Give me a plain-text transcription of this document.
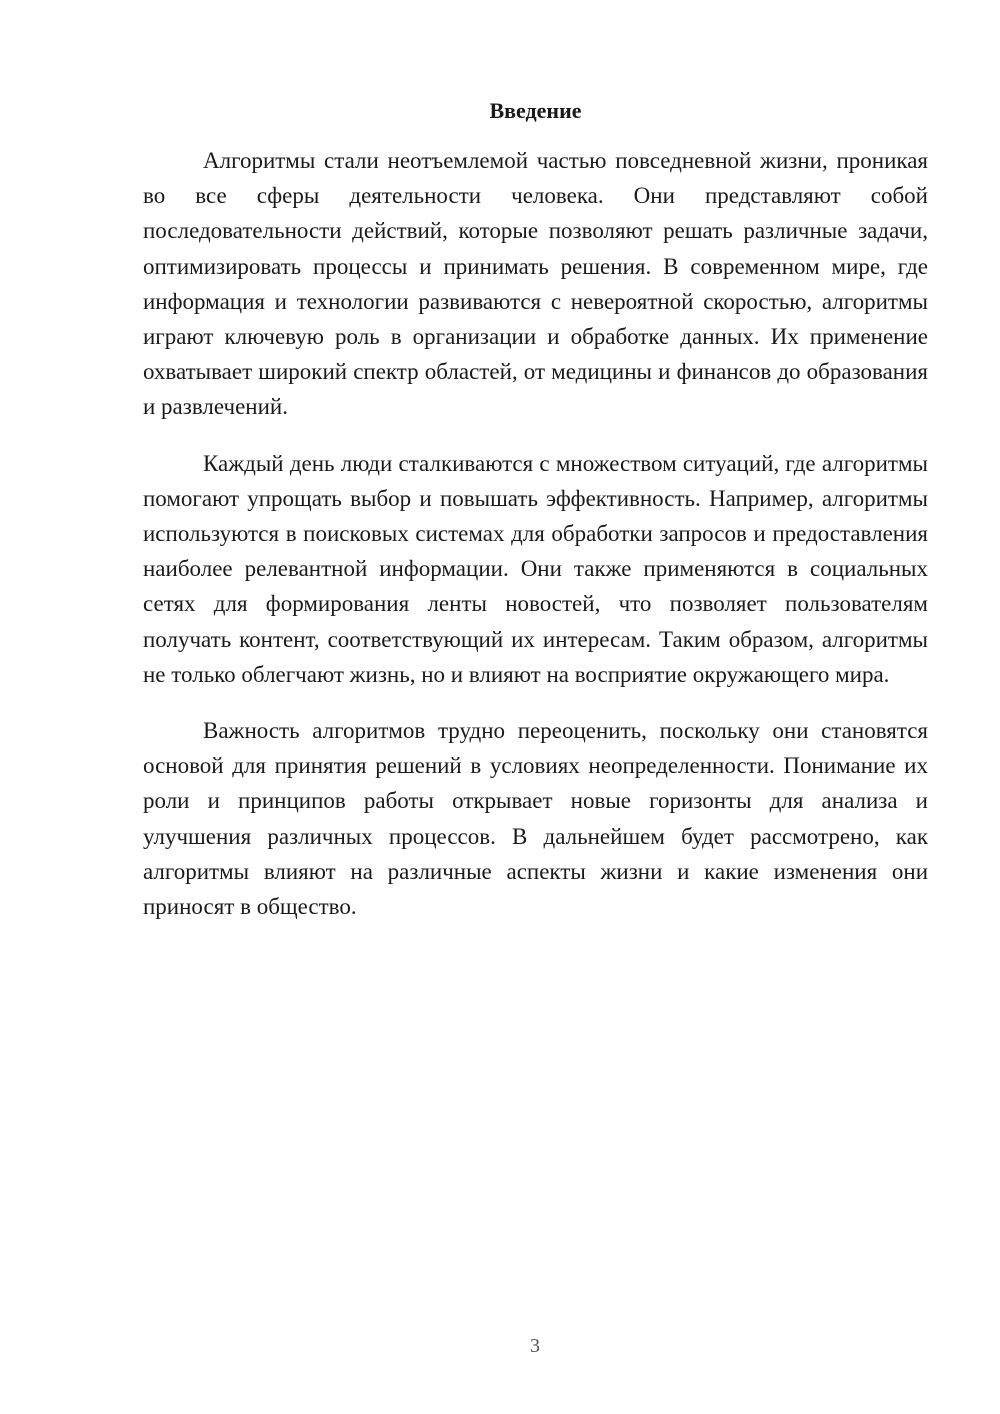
Введение

Алгоритмы стали неотъемлемой частью повседневной жизни, проникая во все сферы деятельности человека. Они представляют собой последовательности действий, которые позволяют решать различные задачи, оптимизировать процессы и принимать решения. В современном мире, где информация и технологии развиваются с невероятной скоростью, алгоритмы играют ключевую роль в организации и обработке данных. Их применение охватывает широкий спектр областей, от медицины и финансов до образования и развлечений.

Каждый день люди сталкиваются с множеством ситуаций, где алгоритмы помогают упрощать выбор и повышать эффективность. Например, алгоритмы используются в поисковых системах для обработки запросов и предоставления наиболее релевантной информации. Они также применяются в социальных сетях для формирования ленты новостей, что позволяет пользователям получать контент, соответствующий их интересам. Таким образом, алгоритмы не только облегчают жизнь, но и влияют на восприятие окружающего мира.

Важность алгоритмов трудно переоценить, поскольку они становятся основой для принятия решений в условиях неопределенности. Понимание их роли и принципов работы открывает новые горизонты для анализа и улучшения различных процессов. В дальнейшем будет рассмотрено, как алгоритмы влияют на различные аспекты жизни и какие изменения они приносят в общество.

3
